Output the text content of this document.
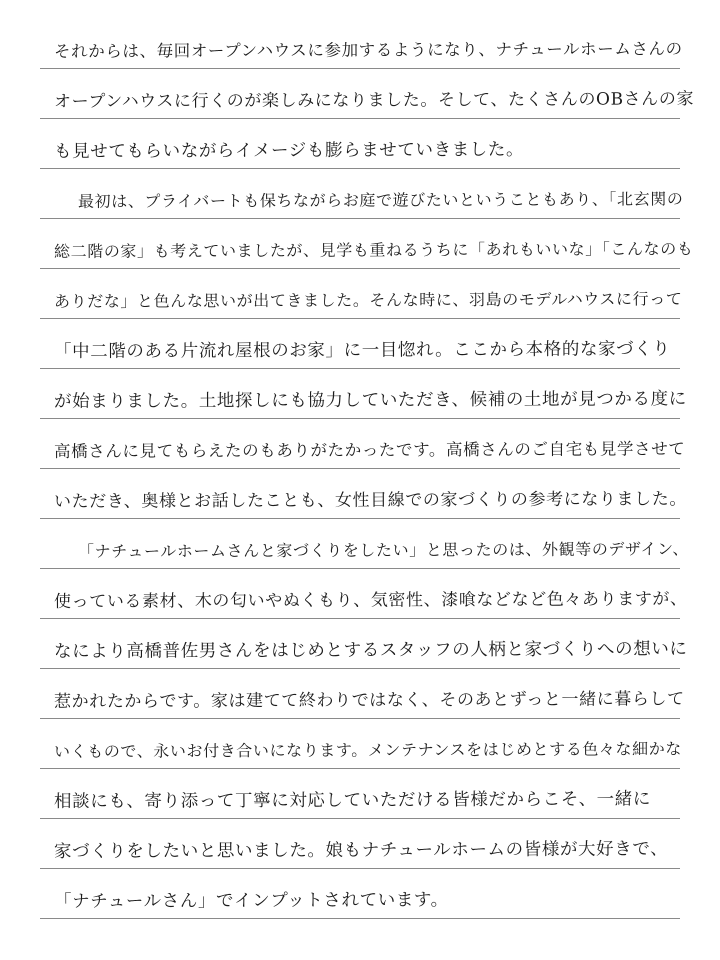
それからは、毎回オープンハウスに参加するようになり、ナチュールホームさんの
オープンハウスに行くのが楽しみになりました。そして、たくさんのOBさんの家
も見せてもらいながらイメージも膨らませていきました。
最初は、プライバートも保ちながらお庭で遊びたいということもあり、「北玄関の
総二階の家」も考えていましたが、見学も重ねるうちに「あれもいいな」「こんなのも
ありだな」と色んな思いが出てきました。そんな時に、羽島のモデルハウスに行って
「中二階のある片流れ屋根のお家」に一目惚れ。ここから本格的な家づくり
が始まりました。土地探しにも協力していただき、候補の土地が見つかる度に
高橋さんに見てもらえたのもありがたかったです。高橋さんのご自宅も見学させて
いただき、奥様とお話したことも、女性目線での家づくりの参考になりました。
「ナチュールホームさんと家づくりをしたい」と思ったのは、外観等のデザイン、
使っている素材、木の匂いやぬくもり、気密性、漆喰などなど色々ありますが、
なにより高橋普佐男さんをはじめとするスタッフの人柄と家づくりへの想いに
惹かれたからです。家は建てて終わりではなく、そのあとずっと一緒に暮らして
いくもので、永いお付き合いになります。メンテナンスをはじめとする色々な細かな
相談にも、寄り添って丁寧に対応していただける皆様だからこそ、一緒に
家づくりをしたいと思いました。娘もナチュールホームの皆様が大好きで、
「ナチュールさん」でインプットされています。
